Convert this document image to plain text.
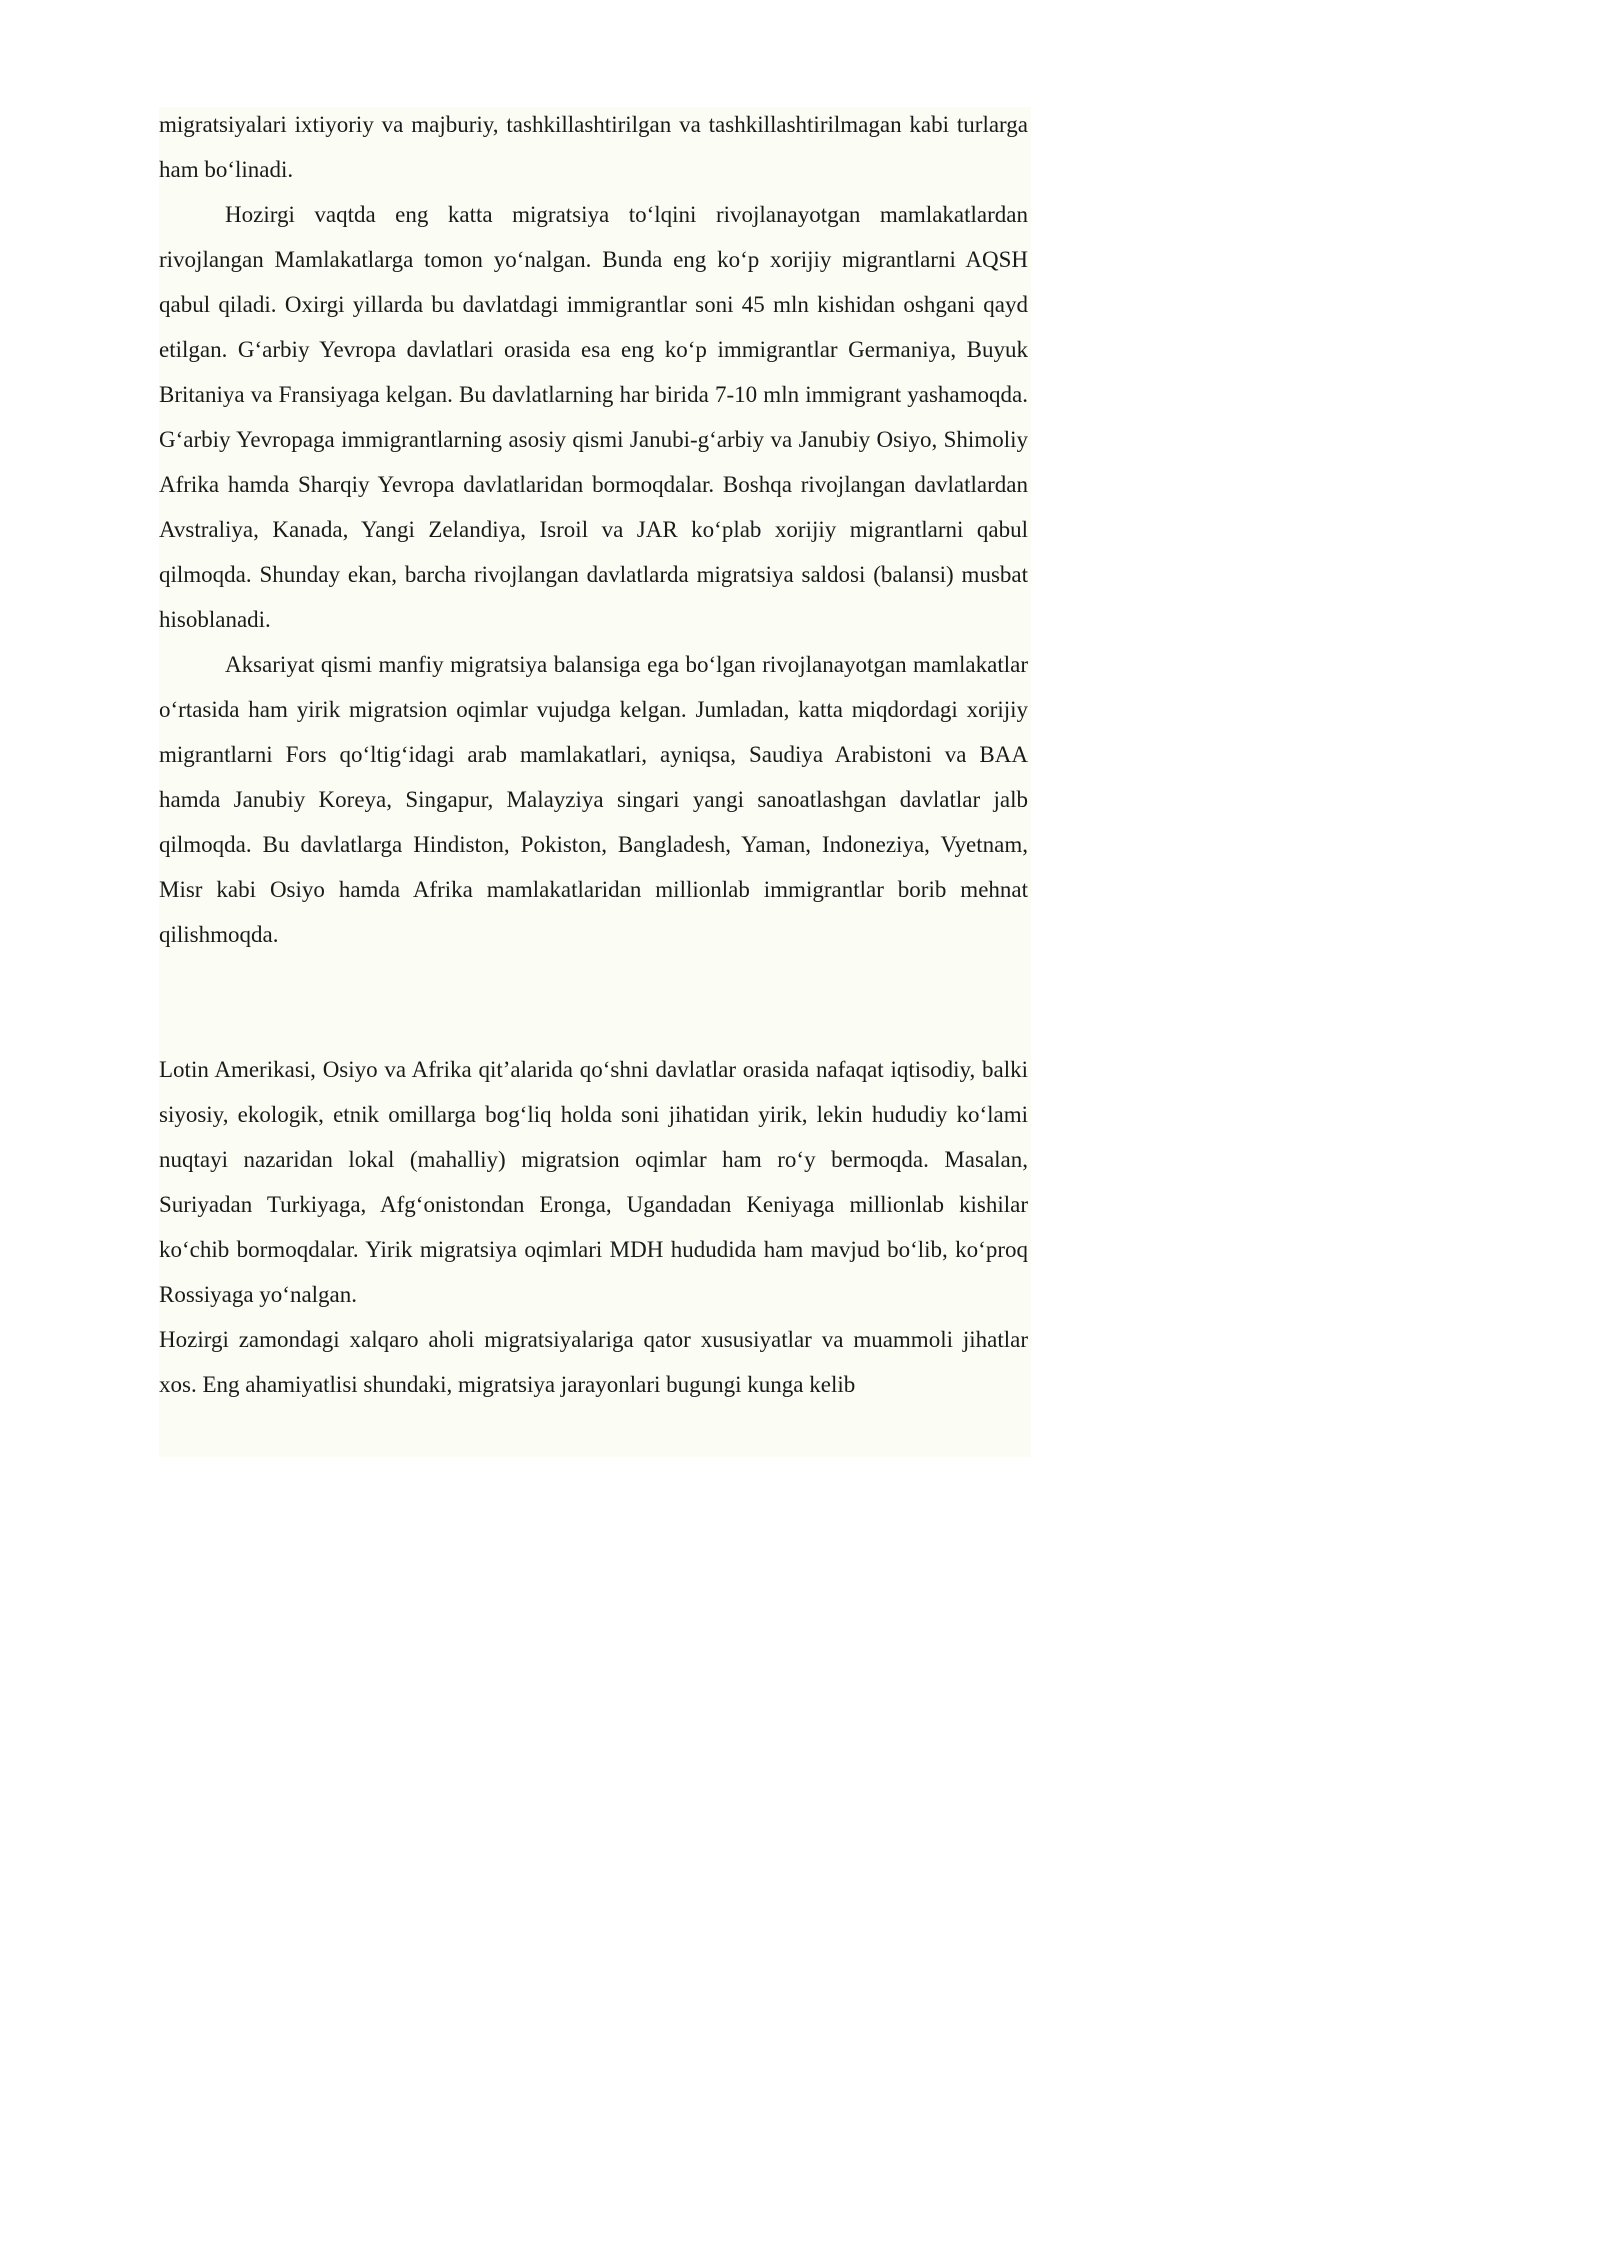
migratsiyalari ixtiyoriy va majburiy, tashkillashtirilgan va tashkillashtirilmagan kabi turlarga ham bo‘linadi.

Hozirgi vaqtda eng katta migratsiya to‘lqini rivojlanayotgan mamlakatlardan rivojlangan Mamlakatlarga tomon yo‘nalgan. Bunda eng ko‘p xorijiy migrantlarni AQSH qabul qiladi. Oxirgi yillarda bu davlatdagi immigrantlar soni 45 mln kishidan oshgani qayd etilgan. G‘arbiy Yevropa davlatlari orasida esa eng ko‘p immigrantlar Germaniya, Buyuk Britaniya va Fransiyaga kelgan. Bu davlatlarning har birida 7-10 mln immigrant yashamoqda. G‘arbiy Yevropaga immigrantlarning asosiy qismi Janubi-g‘arbiy va Janubiy Osiyo, Shimoliy Afrika hamda Sharqiy Yevropa davlatlaridan bormoqdalar. Boshqa rivojlangan davlatlardan Avstraliya, Kanada, Yangi Zelandiya, Isroil va JAR ko‘plab xorijiy migrantlarni qabul qilmoqda. Shunday ekan, barcha rivojlangan davlatlarda migratsiya saldosi (balansi) musbat hisoblanadi.

Aksariyat qismi manfiy migratsiya balansiga ega bo‘lgan rivojlanayotgan mamlakatlar o‘rtasida ham yirik migratsion oqimlar vujudga kelgan. Jumladan, katta miqdordagi xorijiy migrantlarni Fors qo‘ltig‘idagi arab mamlakatlari, ayniqsa, Saudiya Arabistoni va BAA hamda Janubiy Koreya, Singapur, Malayziya singari yangi sanoatlashgan davlatlar jalb qilmoqda. Bu davlatlarga Hindiston, Pokiston, Bangladesh, Yaman, Indoneziya, Vyetnam, Misr kabi Osiyo hamda Afrika mamlakatlaridan millionlab immigrantlar borib mehnat qilishmoqda.

Lotin Amerikasi, Osiyo va Afrika qit’alarida qo‘shni davlatlar orasida nafaqat iqtisodiy, balki siyosiy, ekologik, etnik omillarga bog‘liq holda soni jihatidan yirik, lekin hududiy ko‘lami nuqtayi nazaridan lokal (mahalliy) migratsion oqimlar ham ro‘y bermoqda. Masalan, Suriyadan Turkiyaga, Afg‘onistondan Eronga, Ugandadan Keniyaga millionlab kishilar ko‘chib bormoqdalar. Yirik migratsiya oqimlari MDH hududida ham mavjud bo‘lib, ko‘proq Rossiyaga yo‘nalgan.

Hozirgi zamondagi xalqaro aholi migratsiyalariga qator xususiyatlar va muammoli jihatlar xos. Eng ahamiyatlisi shundaki, migratsiya jarayonlari bugungi kunga kelib
